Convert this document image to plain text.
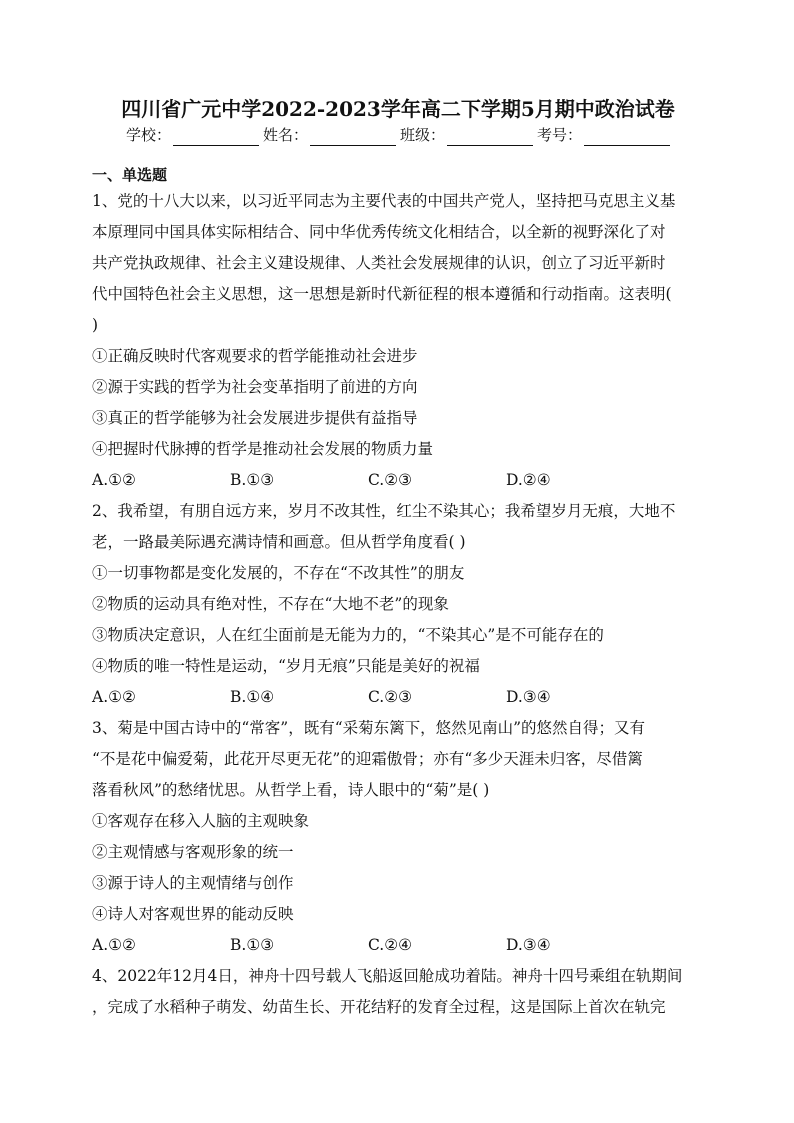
四川省广元中学2022-2023学年高二下学期5月期中政治试卷
学校：	姓名：	班级：	考号：
一、单选题

1、党的十八大以来，以习近平同志为主要代表的中国共产党人，坚持把马克思主义基

本原理同中国具体实际相结合、同中华优秀传统文化相结合，以全新的视野深化了对

共产党执政规律、社会主义建设规律、人类社会发展规律的认识，创立了习近平新时

代中国特色社会主义思想，这一思想是新时代新征程的根本遵循和行动指南。这表明(

)

①正确反映时代客观要求的哲学能推动社会进步

②源于实践的哲学为社会变革指明了前进的方向

③真正的哲学能够为社会发展进步提供有益指导

④把握时代脉搏的哲学是推动社会发展的物质力量

A.①②	B.①③	C.②③	D.②④

2、我希望，有朋自远方来，岁月不改其性，红尘不染其心；我希望岁月无痕，大地不

老，一路最美际遇充满诗情和画意。但从哲学角度看( )

①一切事物都是变化发展的，不存在“不改其性”的朋友

②物质的运动具有绝对性，不存在“大地不老”的现象

③物质决定意识，人在红尘面前是无能为力的，“不染其心”是不可能存在的

④物质的唯一特性是运动，“岁月无痕”只能是美好的祝福

A.①②	B.①④	C.②③	D.③④

3、菊是中国古诗中的“常客”，既有“采菊东篱下，悠然见南山”的悠然自得；又有

“不是花中偏爱菊，此花开尽更无花”的迎霜傲骨；亦有“多少天涯未归客，尽借篱

落看秋风”的愁绪忧思。从哲学上看，诗人眼中的“菊”是( )

①客观存在移入人脑的主观映象

②主观情感与客观形象的统一

③源于诗人的主观情绪与创作

④诗人对客观世界的能动反映

A.①②	B.①③	C.②④	D.③④

4、2022年12月4日，神舟十四号载人飞船返回舱成功着陆。神舟十四号乘组在轨期间

，完成了水稻种子萌发、幼苗生长、开花结籽的发育全过程，这是国际上首次在轨完
